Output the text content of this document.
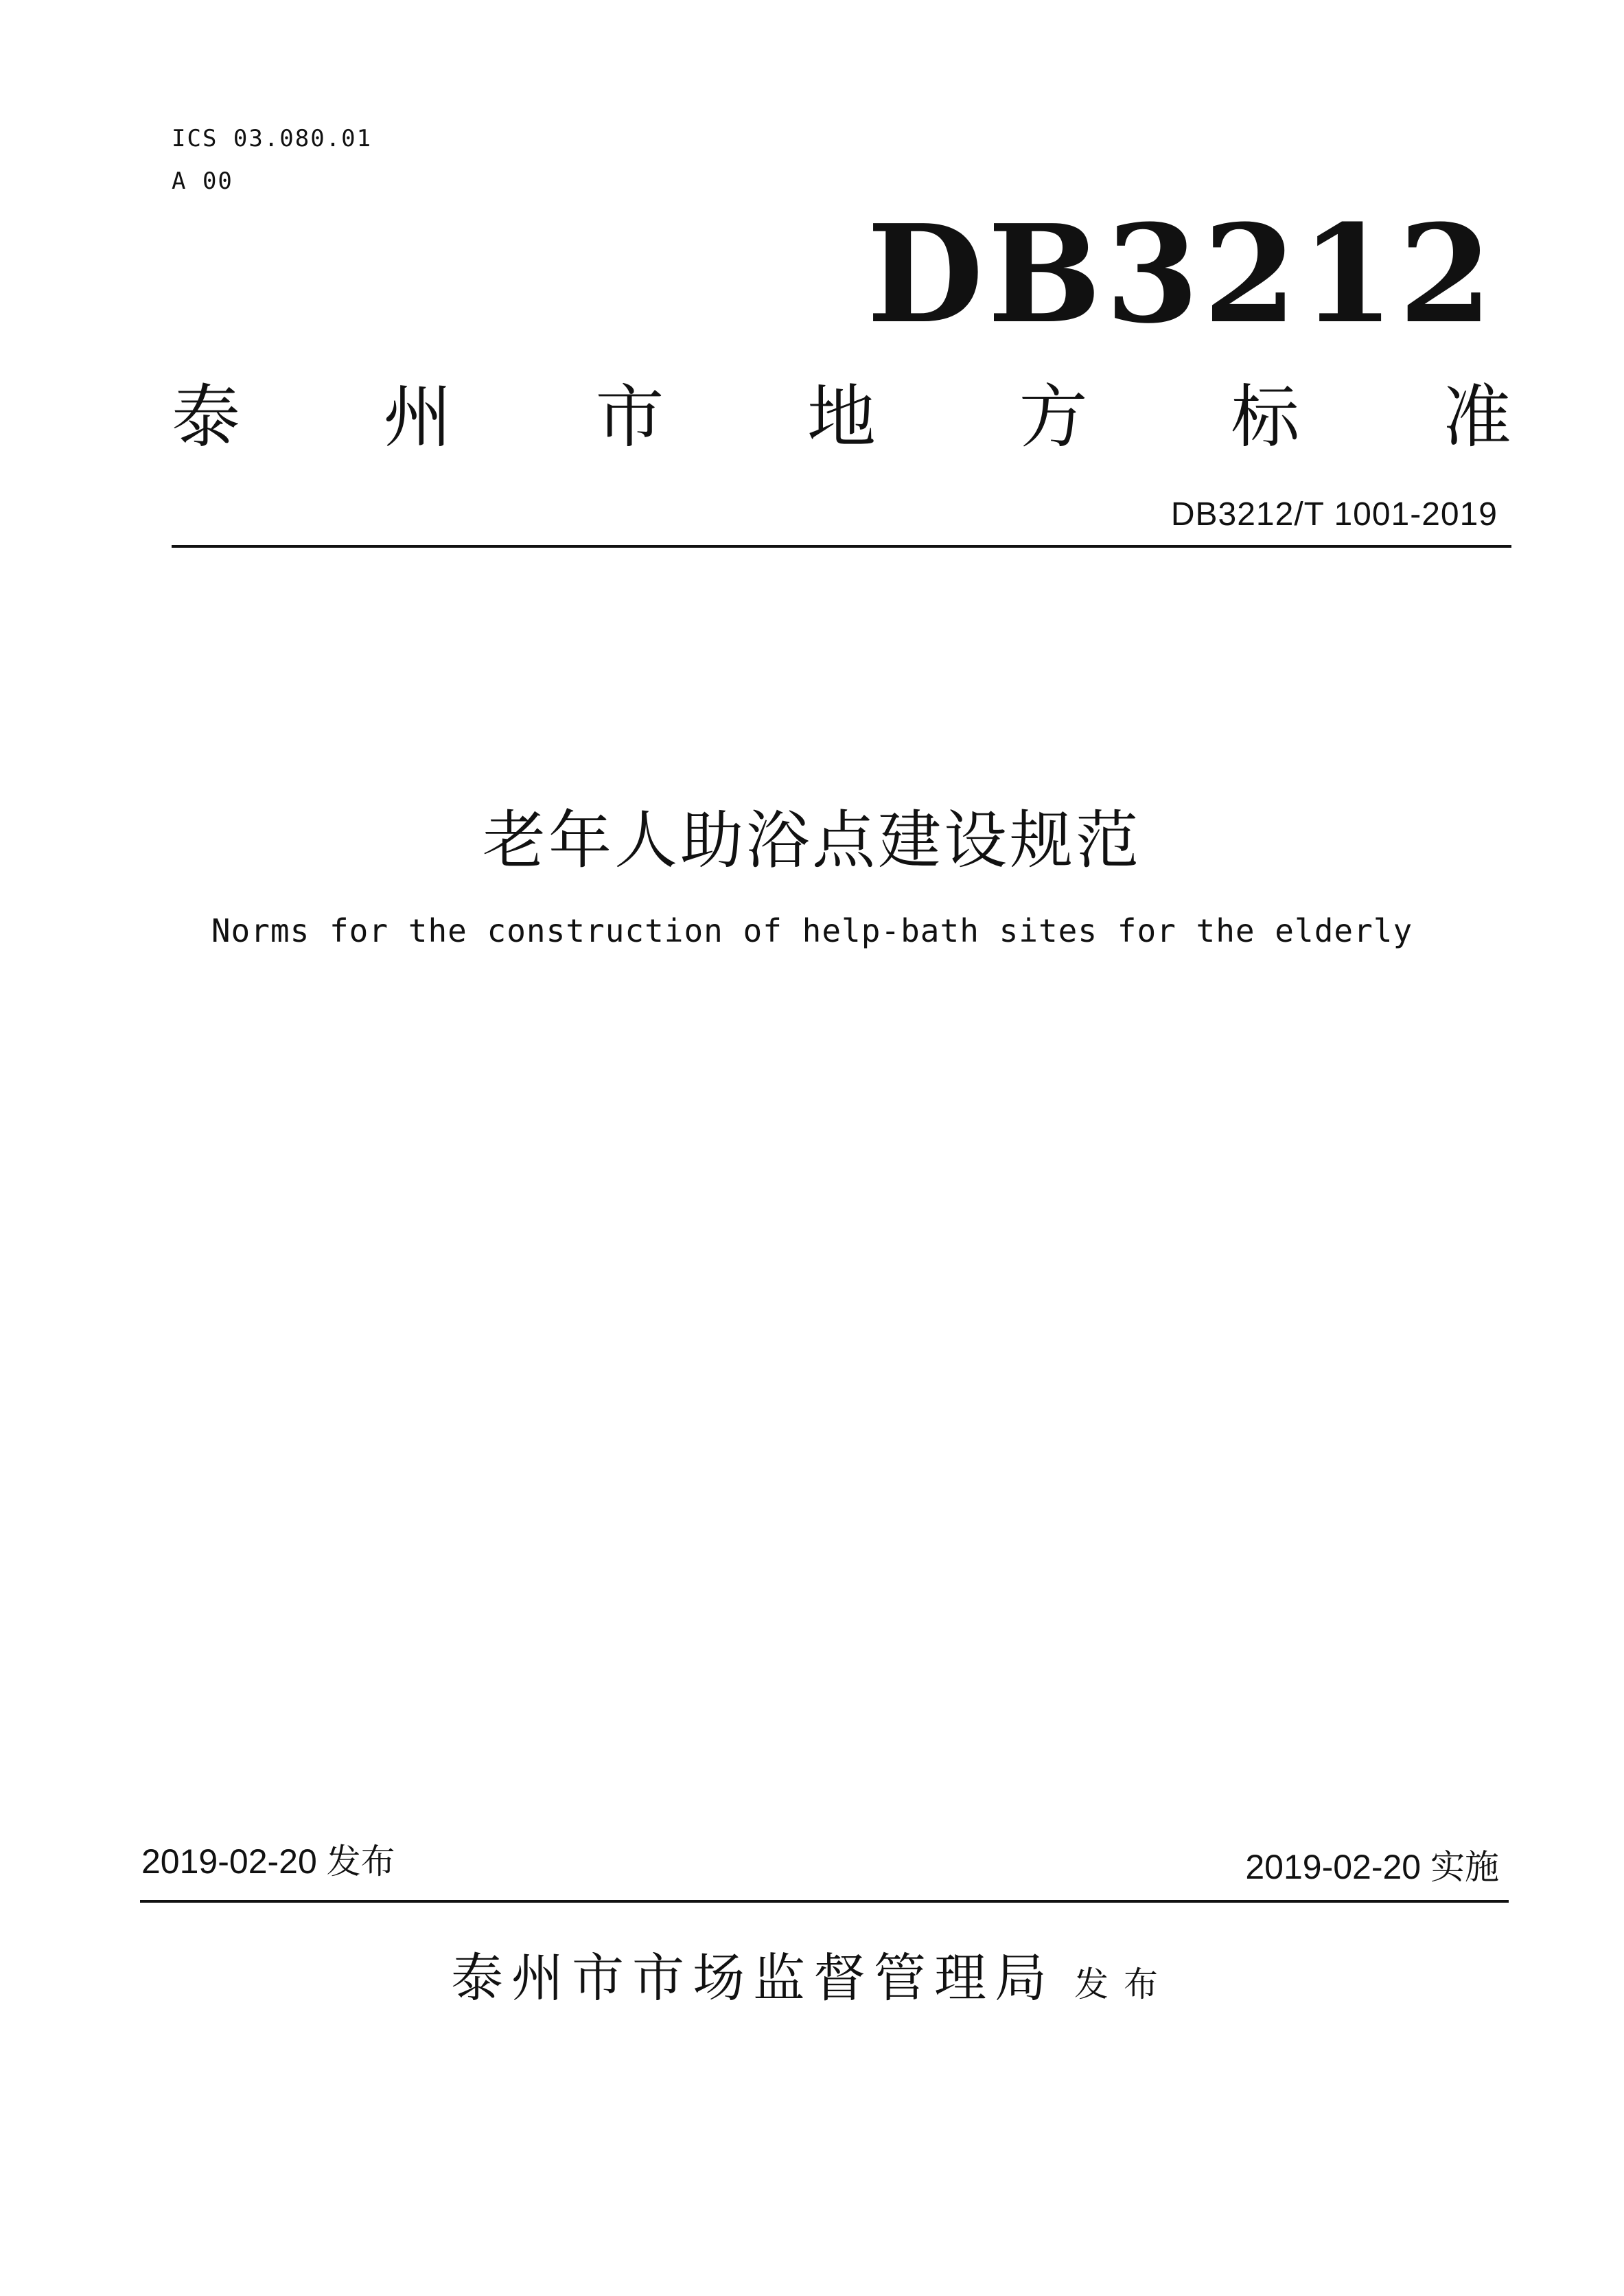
ICS 03.080.01
A 00
DB3212
泰 州 市 地 方 标 准
DB3212/T 1001-2019
老年人助浴点建设规范
Norms for the construction of help-bath sites for the elderly
2019-02-20 发布	2019-02-20 实施
泰州市市场监督管理局 发布
